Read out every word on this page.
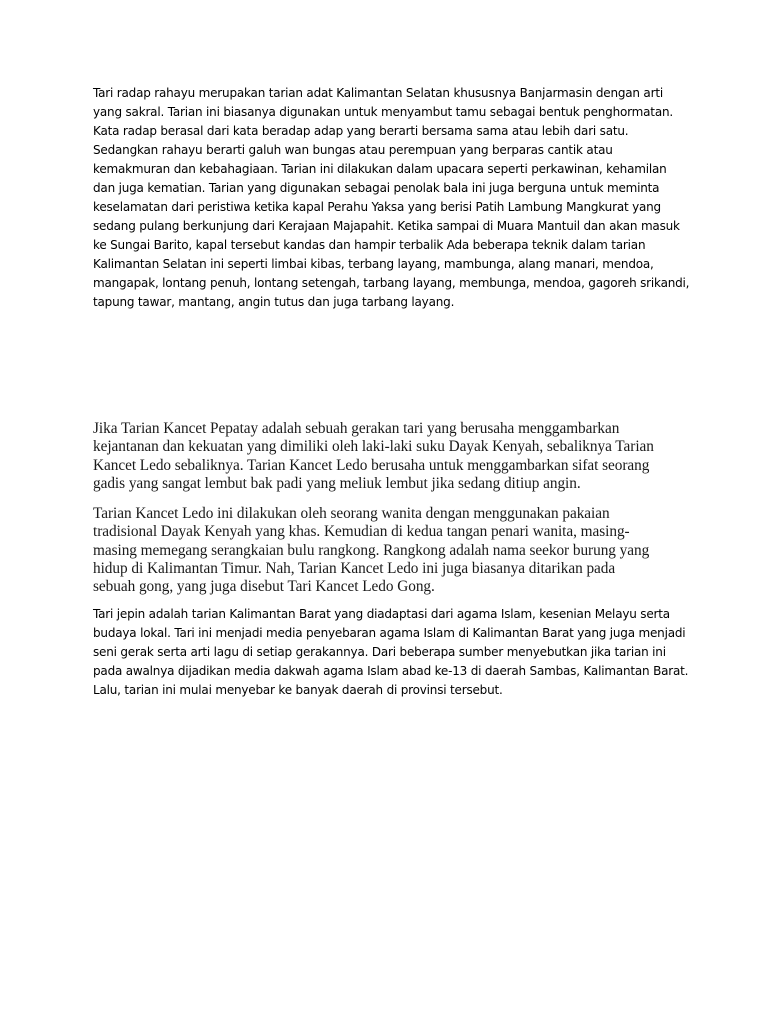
Tari radap rahayu merupakan tarian adat Kalimantan Selatan khususnya Banjarmasin dengan arti
yang sakral. Tarian ini biasanya digunakan untuk menyambut tamu sebagai bentuk penghormatan.
Kata radap berasal dari kata beradap adap yang berarti bersama sama atau lebih dari satu.
Sedangkan rahayu berarti galuh wan bungas atau perempuan yang berparas cantik atau
kemakmuran dan kebahagiaan. Tarian ini dilakukan dalam upacara seperti perkawinan, kehamilan
dan juga kematian. Tarian yang digunakan sebagai penolak bala ini juga berguna untuk meminta
keselamatan dari peristiwa ketika kapal Perahu Yaksa yang berisi Patih Lambung Mangkurat yang
sedang pulang berkunjung dari Kerajaan Majapahit. Ketika sampai di Muara Mantuil dan akan masuk
ke Sungai Barito, kapal tersebut kandas dan hampir terbalik Ada beberapa teknik dalam tarian
Kalimantan Selatan ini seperti limbai kibas, terbang layang, mambunga, alang manari, mendoa,
mangapak, lontang penuh, lontang setengah, tarbang layang, membunga, mendoa, gagoreh srikandi,
tapung tawar, mantang, angin tutus dan juga tarbang layang.
Jika Tarian Kancet Pepatay adalah sebuah gerakan tari yang berusaha menggambarkan
kejantanan dan kekuatan yang dimiliki oleh laki-laki suku Dayak Kenyah, sebaliknya Tarian
Kancet Ledo sebaliknya. Tarian Kancet Ledo berusaha untuk menggambarkan sifat seorang
gadis yang sangat lembut bak padi yang meliuk lembut jika sedang ditiup angin.
Tarian Kancet Ledo ini dilakukan oleh seorang wanita dengan menggunakan pakaian
tradisional Dayak Kenyah yang khas. Kemudian di kedua tangan penari wanita, masing-
masing memegang serangkaian bulu rangkong. Rangkong adalah nama seekor burung yang
hidup di Kalimantan Timur. Nah, Tarian Kancet Ledo ini juga biasanya ditarikan pada
sebuah gong, yang juga disebut Tari Kancet Ledo Gong.
Tari jepin adalah tarian Kalimantan Barat yang diadaptasi dari agama Islam, kesenian Melayu serta
budaya lokal. Tari ini menjadi media penyebaran agama Islam di Kalimantan Barat yang juga menjadi
seni gerak serta arti lagu di setiap gerakannya. Dari beberapa sumber menyebutkan jika tarian ini
pada awalnya dijadikan media dakwah agama Islam abad ke-13 di daerah Sambas, Kalimantan Barat.
Lalu, tarian ini mulai menyebar ke banyak daerah di provinsi tersebut.
